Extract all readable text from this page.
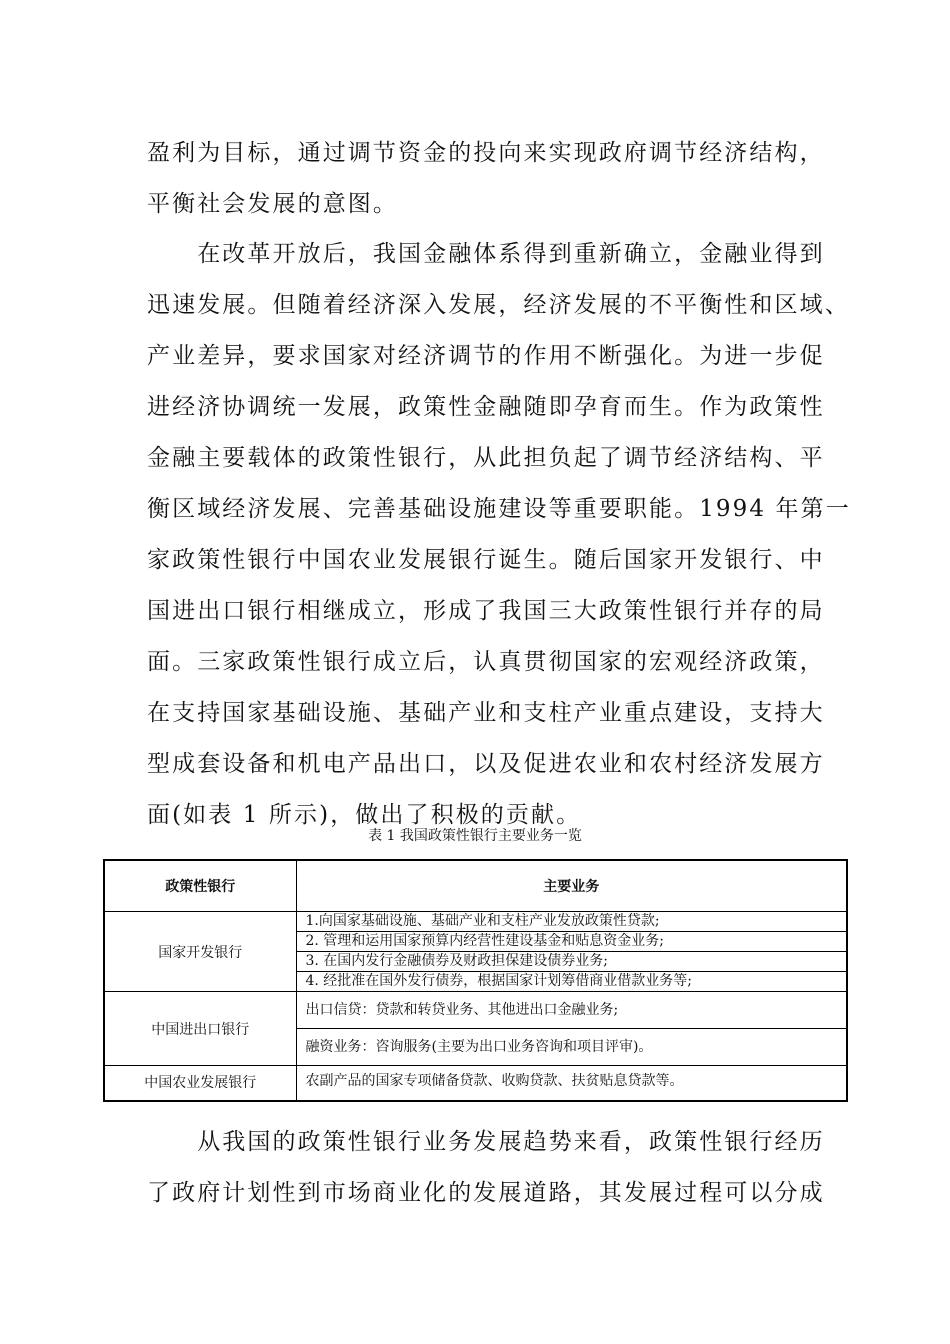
盈利为目标，通过调节资金的投向来实现政府调节经济结构，
平衡社会发展的意图。

　　在改革开放后，我国金融体系得到重新确立，金融业得到
迅速发展。但随着经济深入发展，经济发展的不平衡性和区域、
产业差异，要求国家对经济调节的作用不断强化。为进一步促
进经济协调统一发展，政策性金融随即孕育而生。作为政策性
金融主要载体的政策性银行，从此担负起了调节经济结构、平
衡区域经济发展、完善基础设施建设等重要职能。1994 年第一
家政策性银行中国农业发展银行诞生。随后国家开发银行、中
国进出口银行相继成立，形成了我国三大政策性银行并存的局
面。三家政策性银行成立后，认真贯彻国家的宏观经济政策，
在支持国家基础设施、基础产业和支柱产业重点建设，支持大
型成套设备和机电产品出口，以及促进农业和农村经济发展方
面(如表 1 所示)，做出了积极的贡献。

表 1 我国政策性银行主要业务一览
政策性银行	主要业务
国家开发银行	1.向国家基础设施、基础产业和支柱产业发放政策性贷款;
2. 管理和运用国家预算内经营性建设基金和贴息资金业务;
3. 在国内发行金融债券及财政担保建设债券业务;
4. 经批准在国外发行债券，根据国家计划筹借商业借款业务等;

中国进出口银行	出口信贷：贷款和转贷业务、其他进出口金融业务;
融资业务：咨询服务(主要为出口业务咨询和项目评审)。

中国农业发展银行	农副产品的国家专项储备贷款、收购贷款、扶贫贴息贷款等。

　　从我国的政策性银行业务发展趋势来看，政策性银行经历
了政府计划性到市场商业化的发展道路，其发展过程可以分成
